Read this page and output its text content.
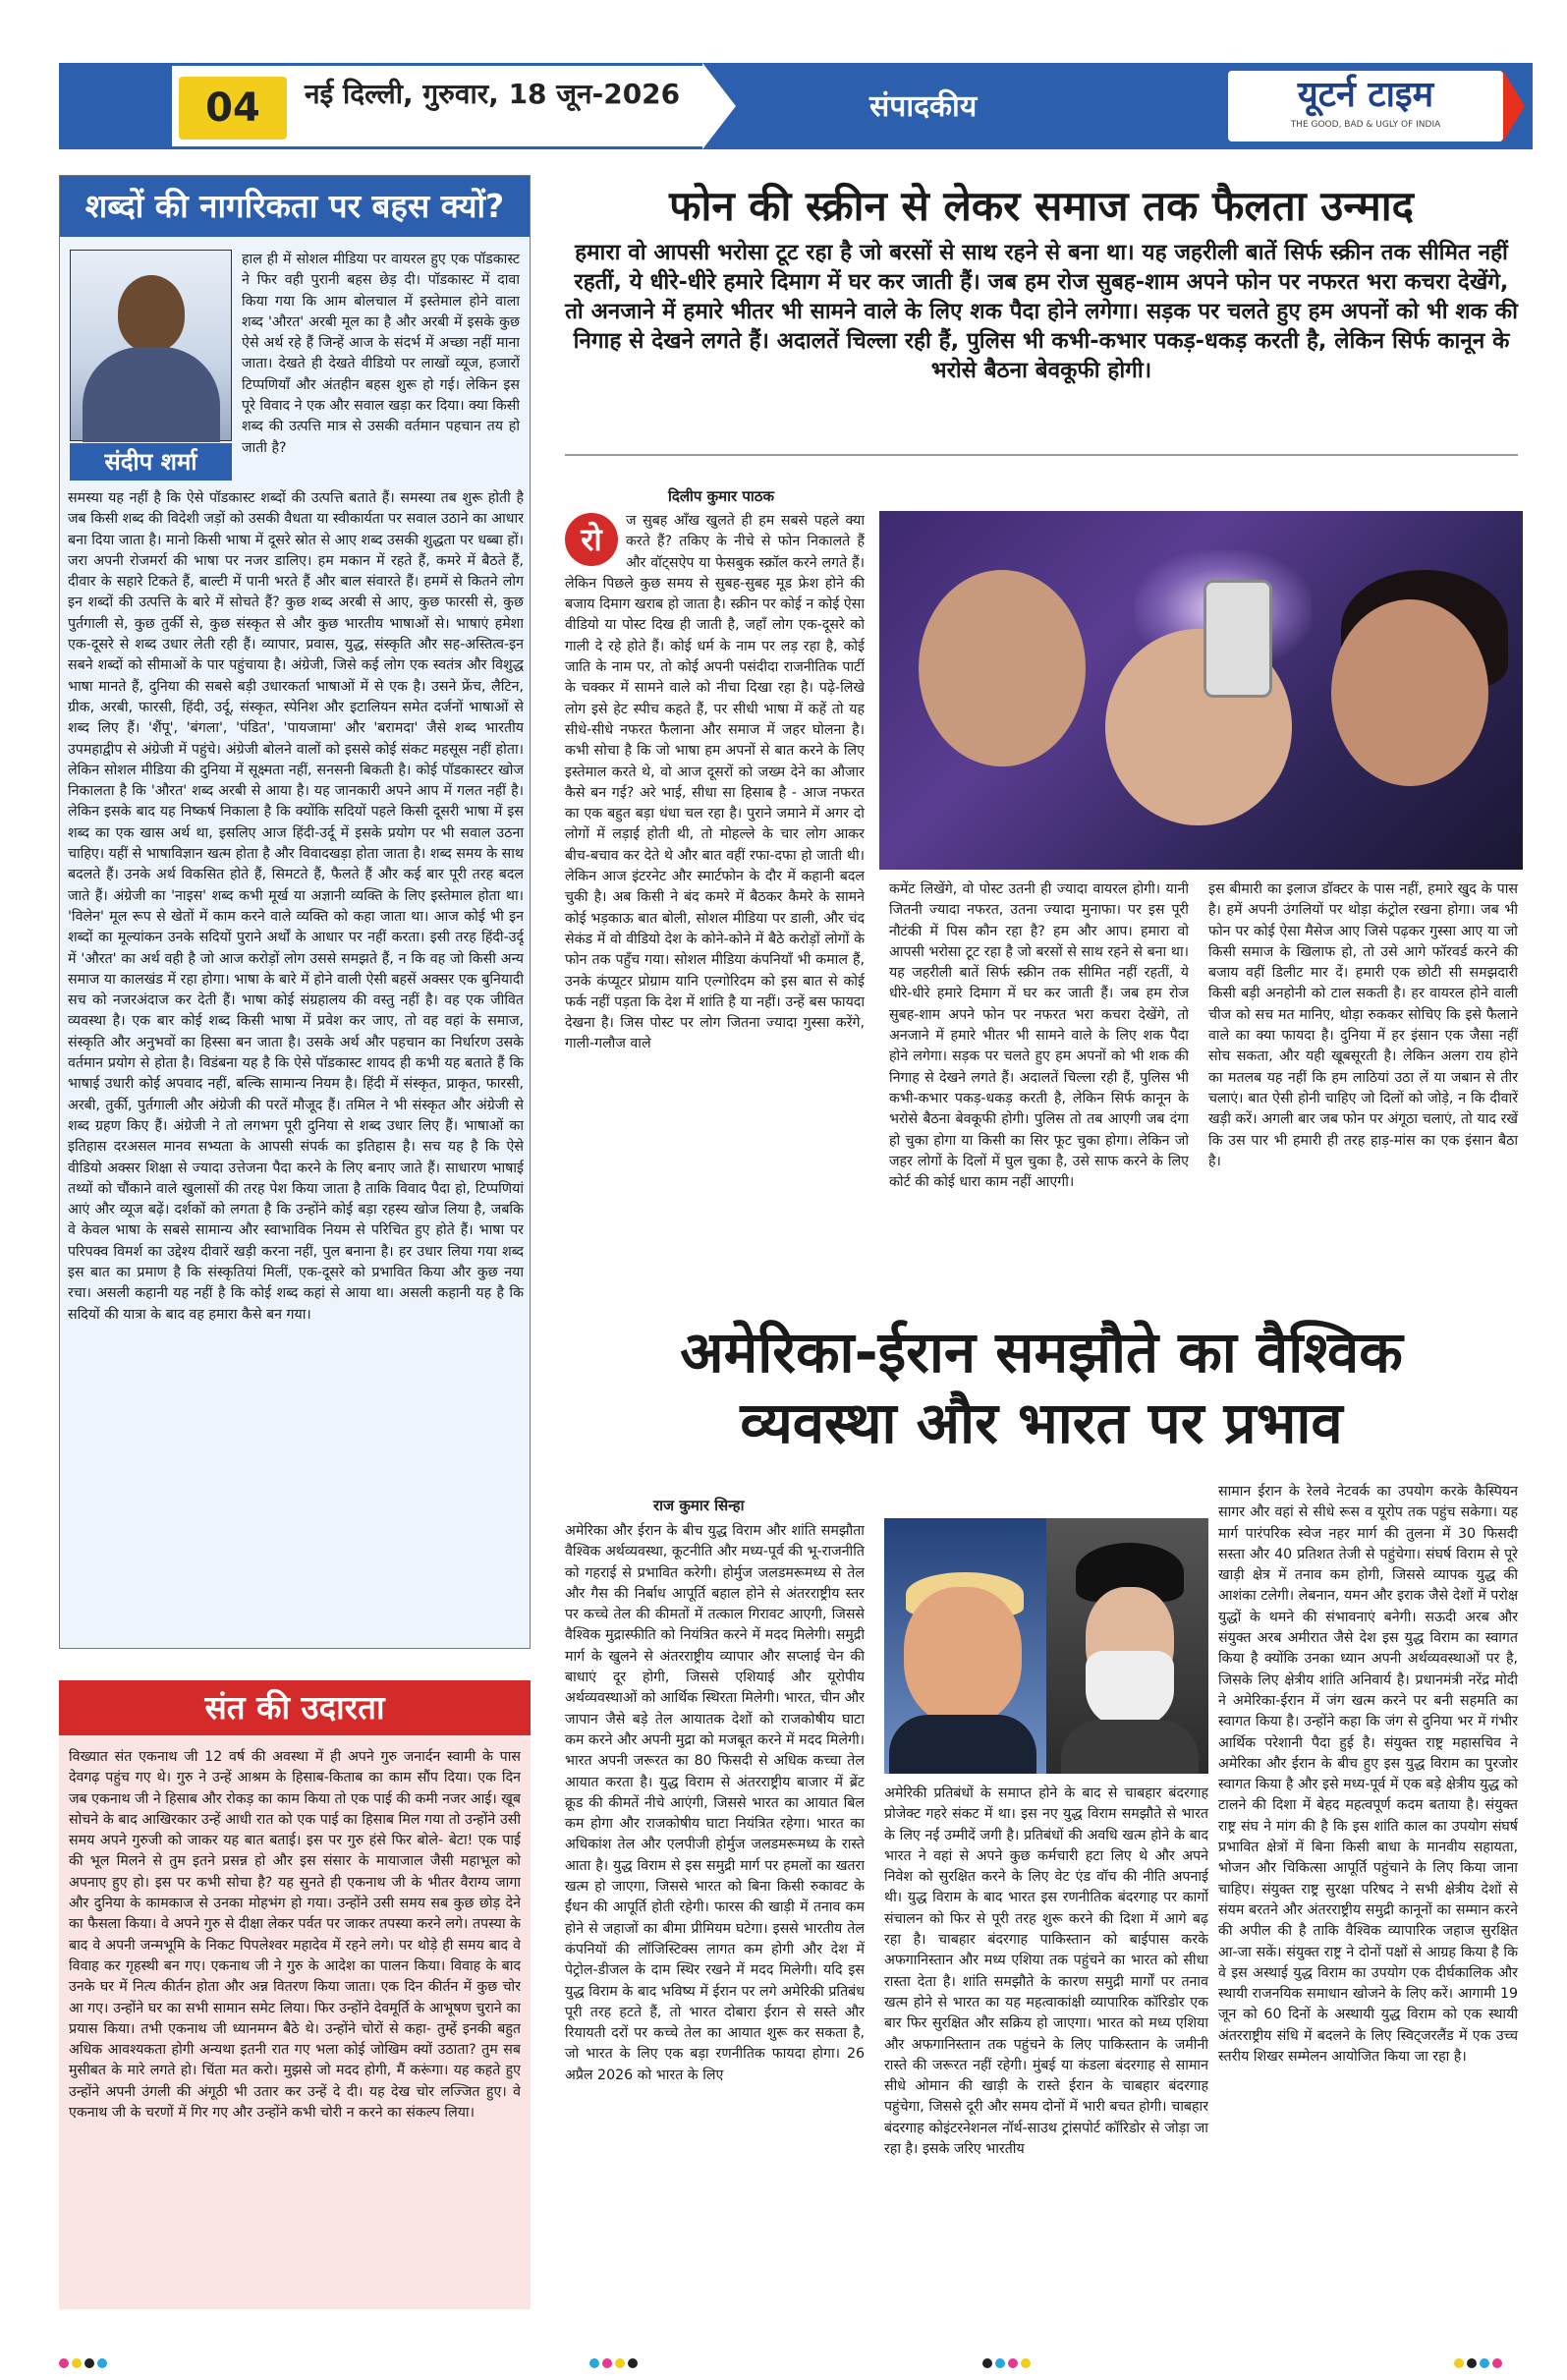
04	नई दिल्ली, गुरुवार, 18 जून-2026	संपादकीय	यूटर्न टाइम
THE GOOD, BAD & UGLY OF INDIA
शब्दों की नागरिकता पर बहस क्यों?
संदीप शर्मा
हाल ही में सोशल मीडिया पर वायरल हुए एक पॉडकास्ट ने फिर वही पुरानी बहस छेड़ दी। पॉडकास्ट में दावा किया गया कि आम बोलचाल में इस्तेमाल होने वाला शब्द 'औरत' अरबी मूल का है और अरबी में इसके कुछ ऐसे अर्थ रहे हैं जिन्हें आज के संदर्भ में अच्छा नहीं माना जाता। देखते ही देखते वीडियो पर लाखों व्यूज, हजारों टिप्पणियाँ और अंतहीन बहस शुरू हो गई। लेकिन इस पूरे विवाद ने एक और सवाल खड़ा कर दिया। क्या किसी शब्द की उत्पत्ति मात्र से उसकी वर्तमान पहचान तय हो जाती है?
समस्या यह नहीं है कि ऐसे पॉडकास्ट शब्दों की उत्पत्ति बताते हैं। समस्या तब शुरू होती है जब किसी शब्द की विदेशी जड़ों को उसकी वैधता या स्वीकार्यता पर सवाल उठाने का आधार बना दिया जाता है। मानो किसी भाषा में दूसरे स्रोत से आए शब्द उसकी शुद्धता पर धब्बा हों। जरा अपनी रोजमर्रा की भाषा पर नजर डालिए। हम मकान में रहते हैं, कमरे में बैठते हैं, दीवार के सहारे टिकते हैं, बाल्टी में पानी भरते हैं और बाल संवारते हैं। हममें से कितने लोग इन शब्दों की उत्पत्ति के बारे में सोचते हैं? कुछ शब्द अरबी से आए, कुछ फारसी से, कुछ पुर्तगाली से, कुछ तुर्की से, कुछ संस्कृत से और कुछ भारतीय भाषाओं से। भाषाएं हमेशा एक-दूसरे से शब्द उधार लेती रही हैं। व्यापार, प्रवास, युद्ध, संस्कृति और सह-अस्तित्व-इन सबने शब्दों को सीमाओं के पार पहुंचाया है। अंग्रेजी, जिसे कई लोग एक स्वतंत्र और विशुद्ध भाषा मानते हैं, दुनिया की सबसे बड़ी उधारकर्ता भाषाओं में से एक है। उसने फ्रेंच, लैटिन, ग्रीक, अरबी, फारसी, हिंदी, उर्दू, संस्कृत, स्पेनिश और इटालियन समेत दर्जनों भाषाओं से शब्द लिए हैं। 'शैंपू', 'बंगला', 'पंडित', 'पायजामा' और 'बरामदा' जैसे शब्द भारतीय उपमहाद्वीप से अंग्रेजी में पहुंचे। अंग्रेजी बोलने वालों को इससे कोई संकट महसूस नहीं होता। लेकिन सोशल मीडिया की दुनिया में सूक्ष्मता नहीं, सनसनी बिकती है। कोई पॉडकास्टर खोज निकालता है कि 'औरत' शब्द अरबी से आया है। यह जानकारी अपने आप में गलत नहीं है। लेकिन इसके बाद यह निष्कर्ष निकाला है कि क्योंकि सदियों पहले किसी दूसरी भाषा में इस शब्द का एक खास अर्थ था, इसलिए आज हिंदी-उर्दू में इसके प्रयोग पर भी सवाल उठना चाहिए। यहीं से भाषाविज्ञान खत्म होता है और विवादखड़ा होता जाता है। शब्द समय के साथ बदलते हैं। उनके अर्थ विकसित होते हैं, सिमटते हैं, फैलते हैं और कई बार पूरी तरह बदल जाते हैं। अंग्रेजी का 'नाइस' शब्द कभी मूर्ख या अज्ञानी व्यक्ति के लिए इस्तेमाल होता था। 'विलेन' मूल रूप से खेतों में काम करने वाले व्यक्ति को कहा जाता था। आज कोई भी इन शब्दों का मूल्यांकन उनके सदियों पुराने अर्थों के आधार पर नहीं करता। इसी तरह हिंदी-उर्दू में 'औरत' का अर्थ वही है जो आज करोड़ों लोग उससे समझते हैं, न कि वह जो किसी अन्य समाज या कालखंड में रहा होगा। भाषा के बारे में होने वाली ऐसी बहसें अक्सर एक बुनियादी सच को नजरअंदाज कर देती हैं। भाषा कोई संग्रहालय की वस्तु नहीं है। वह एक जीवित व्यवस्था है। एक बार कोई शब्द किसी भाषा में प्रवेश कर जाए, तो वह वहां के समाज, संस्कृति और अनुभवों का हिस्सा बन जाता है। उसके अर्थ और पहचान का निर्धारण उसके वर्तमान प्रयोग से होता है। विडंबना यह है कि ऐसे पॉडकास्ट शायद ही कभी यह बताते हैं कि भाषाई उधारी कोई अपवाद नहीं, बल्कि सामान्य नियम है। हिंदी में संस्कृत, प्राकृत, फारसी, अरबी, तुर्की, पुर्तगाली और अंग्रेजी की परतें मौजूद हैं। तमिल ने भी संस्कृत और अंग्रेजी से शब्द ग्रहण किए हैं। अंग्रेजी ने तो लगभग पूरी दुनिया से शब्द उधार लिए हैं। भाषाओं का इतिहास दरअसल मानव सभ्यता के आपसी संपर्क का इतिहास है। सच यह है कि ऐसे वीडियो अक्सर शिक्षा से ज्यादा उत्तेजना पैदा करने के लिए बनाए जाते हैं। साधारण भाषाई तथ्यों को चौंकाने वाले खुलासों की तरह पेश किया जाता है ताकि विवाद पैदा हो, टिप्पणियां आएं और व्यूज बढ़ें। दर्शकों को लगता है कि उन्होंने कोई बड़ा रहस्य खोज लिया है, जबकि वे केवल भाषा के सबसे सामान्य और स्वाभाविक नियम से परिचित हुए होते हैं। भाषा पर परिपक्व विमर्श का उद्देश्य दीवारें खड़ी करना नहीं, पुल बनाना है। हर उधार लिया गया शब्द इस बात का प्रमाण है कि संस्कृतियां मिलीं, एक-दूसरे को प्रभावित किया और कुछ नया रचा। असली कहानी यह नहीं है कि कोई शब्द कहां से आया था। असली कहानी यह है कि सदियों की यात्रा के बाद वह हमारा कैसे बन गया।
संत की उदारता
विख्यात संत एकनाथ जी 12 वर्ष की अवस्था में ही अपने गुरु जनार्दन स्वामी के पास देवगढ़ पहुंच गए थे। गुरु ने उन्हें आश्रम के हिसाब-किताब का काम सौंप दिया। एक दिन जब एकनाथ जी ने हिसाब और रोकड़ का काम किया तो एक पाई की कमी नजर आई। खूब सोचने के बाद आखिरकार उन्हें आधी रात को एक पाई का हिसाब मिल गया तो उन्होंने उसी समय अपने गुरुजी को जाकर यह बात बताई। इस पर गुरु हंसे फिर बोले- बेटा! एक पाई की भूल मिलने से तुम इतने प्रसन्न हो और इस संसार के मायाजाल जैसी महाभूल को अपनाए हुए हो। इस पर कभी सोचा है? यह सुनते ही एकनाथ जी के भीतर वैराग्य जागा और दुनिया के कामकाज से उनका मोहभंग हो गया। उन्होंने उसी समय सब कुछ छोड़ देने का फैसला किया। वे अपने गुरु से दीक्षा लेकर पर्वत पर जाकर तपस्या करने लगे। तपस्या के बाद वे अपनी जन्मभूमि के निकट पिपलेश्वर महादेव में रहने लगे। पर थोड़े ही समय बाद वे विवाह कर गृहस्थी बन गए। एकनाथ जी ने गुरु के आदेश का पालन किया। विवाह के बाद उनके घर में नित्य कीर्तन होता और अन्न वितरण किया जाता। एक दिन कीर्तन में कुछ चोर आ गए। उन्होंने घर का सभी सामान समेट लिया। फिर उन्होंने देवमूर्ति के आभूषण चुराने का प्रयास किया। तभी एकनाथ जी ध्यानमग्न बैठे थे। उन्होंने चोरों से कहा- तुम्हें इनकी बहुत अधिक आवश्यकता होगी अन्यथा इतनी रात गए भला कोई जोखिम क्यों उठाता? तुम सब मुसीबत के मारे लगते हो। चिंता मत करो। मुझसे जो मदद होगी, मैं करूंगा। यह कहते हुए उन्होंने अपनी उंगली की अंगूठी भी उतार कर उन्हें दे दी। यह देख चोर लज्जित हुए। वे एकनाथ जी के चरणों में गिर गए और उन्होंने कभी चोरी न करने का संकल्प लिया।
फोन की स्क्रीन से लेकर समाज तक फैलता उन्माद
हमारा वो आपसी भरोसा टूट रहा है जो बरसों से साथ रहने से बना था। यह जहरीली बातें सिर्फ स्क्रीन तक सीमित नहीं रहतीं, ये धीरे-धीरे हमारे दिमाग में घर कर जाती हैं। जब हम रोज सुबह-शाम अपने फोन पर नफरत भरा कचरा देखेंगे, तो अनजाने में हमारे भीतर भी सामने वाले के लिए शक पैदा होने लगेगा। सड़क पर चलते हुए हम अपनों को भी शक की निगाह से देखने लगते हैं। अदालतें चिल्ला रही हैं, पुलिस भी कभी-कभार पकड़-धकड़ करती है, लेकिन सिर्फ कानून के भरोसे बैठना बेवकूफी होगी।
दिलीप कुमार पाठक
रो	ज सुबह आँख खुलते ही हम सबसे पहले क्या करते हैं? तकिए के नीचे से फोन निकालते हैं और वॉट्सऐप या फेसबुक स्क्रॉल करने लगते हैं। लेकिन पिछले कुछ समय से सुबह-सुबह मूड फ्रेश होने की बजाय दिमाग खराब हो जाता है। स्क्रीन पर कोई न कोई ऐसा वीडियो या पोस्ट दिख ही जाती है, जहाँ लोग एक-दूसरे को गाली दे रहे होते हैं। कोई धर्म के नाम पर लड़ रहा है, कोई जाति के नाम पर, तो कोई अपनी पसंदीदा राजनीतिक पार्टी के चक्कर में सामने वाले को नीचा दिखा रहा है। पढ़े-लिखे लोग इसे हेट स्पीच कहते हैं, पर सीधी भाषा में कहें तो यह सीधे-सीधे नफरत फैलाना और समाज में जहर घोलना है। कभी सोचा है कि जो भाषा हम अपनों से बात करने के लिए इस्तेमाल करते थे, वो आज दूसरों को जख्म देने का औजार कैसे बन गई? अरे भाई, सीधा सा हिसाब है - आज नफरत का एक बहुत बड़ा धंधा चल रहा है। पुराने जमाने में अगर दो लोगों में लड़ाई होती थी, तो मोहल्ले के चार लोग आकर बीच-बचाव कर देते थे और बात वहीं रफा-दफा हो जाती थी। लेकिन आज इंटरनेट और स्मार्टफोन के दौर में कहानी बदल चुकी है। अब किसी ने बंद कमरे में बैठकर कैमरे के सामने कोई भड़काऊ बात बोली, सोशल मीडिया पर डाली, और चंद सेकंड में वो वीडियो देश के कोने-कोने में बैठे करोड़ों लोगों के फोन तक पहुँच गया। सोशल मीडिया कंपनियाँ भी कमाल हैं, उनके कंप्यूटर प्रोग्राम यानि एल्गोरिदम को इस बात से कोई फर्क नहीं पड़ता कि देश में शांति है या नहीं। उन्हें बस फायदा देखना है। जिस पोस्ट पर लोग जितना ज्यादा गुस्सा करेंगे, गाली-गलौज वाले
कमेंट लिखेंगे, वो पोस्ट उतनी ही ज्यादा वायरल होगी। यानी जितनी ज्यादा नफरत, उतना ज्यादा मुनाफा। पर इस पूरी नौटंकी में पिस कौन रहा है? हम और आप। हमारा वो आपसी भरोसा टूट रहा है जो बरसों से साथ रहने से बना था। यह जहरीली बातें सिर्फ स्क्रीन तक सीमित नहीं रहतीं, ये धीरे-धीरे हमारे दिमाग में घर कर जाती हैं। जब हम रोज सुबह-शाम अपने फोन पर नफरत भरा कचरा देखेंगे, तो अनजाने में हमारे भीतर भी सामने वाले के लिए शक पैदा होने लगेगा। सड़क पर चलते हुए हम अपनों को भी शक की निगाह से देखने लगते हैं। अदालतें चिल्ला रही हैं, पुलिस भी कभी-कभार पकड़-धकड़ करती है, लेकिन सिर्फ कानून के भरोसे बैठना बेवकूफी होगी। पुलिस तो तब आएगी जब दंगा हो चुका होगा या किसी का सिर फूट चुका होगा। लेकिन जो जहर लोगों के दिलों में घुल चुका है, उसे साफ करने के लिए कोर्ट की कोई धारा काम नहीं आएगी।
इस बीमारी का इलाज डॉक्टर के पास नहीं, हमारे खुद के पास है। हमें अपनी उंगलियों पर थोड़ा कंट्रोल रखना होगा। जब भी फोन पर कोई ऐसा मैसेज आए जिसे पढ़कर गुस्सा आए या जो किसी समाज के खिलाफ हो, तो उसे आगे फॉरवर्ड करने की बजाय वहीं डिलीट मार दें। हमारी एक छोटी सी समझदारी किसी बड़ी अनहोनी को टाल सकती है। हर वायरल होने वाली चीज को सच मत मानिए, थोड़ा रुककर सोचिए कि इसे फैलाने वाले का क्या फायदा है। दुनिया में हर इंसान एक जैसा नहीं सोच सकता, और यही खूबसूरती है। लेकिन अलग राय होने का मतलब यह नहीं कि हम लाठियां उठा लें या जबान से तीर चलाएं। बात ऐसी होनी चाहिए जो दिलों को जोड़े, न कि दीवारें खड़ी करें। अगली बार जब फोन पर अंगूठा चलाएं, तो याद रखें कि उस पार भी हमारी ही तरह हाड़-मांस का एक इंसान बैठा है।
अमेरिका-ईरान समझौते का वैश्विक
व्यवस्था और भारत पर प्रभाव
राज कुमार सिन्हा
अमेरिका और ईरान के बीच युद्ध विराम और शांति समझौता वैश्विक अर्थव्यवस्था, कूटनीति और मध्य-पूर्व की भू-राजनीति को गहराई से प्रभावित करेगी। होर्मुज जलडमरूमध्य से तेल और गैस की निर्बाध आपूर्ति बहाल होने से अंतरराष्ट्रीय स्तर पर कच्चे तेल की कीमतों में तत्काल गिरावट आएगी, जिससे वैश्विक मुद्रास्फीति को नियंत्रित करने में मदद मिलेगी। समुद्री मार्ग के खुलने से अंतरराष्ट्रीय व्यापार और सप्लाई चेन की बाधाएं दूर होगी, जिससे एशियाई और यूरोपीय अर्थव्यवस्थाओं को आर्थिक स्थिरता मिलेगी। भारत, चीन और जापान जैसे बड़े तेल आयातक देशों को राजकोषीय घाटा कम करने और अपनी मुद्रा को मजबूत करने में मदद मिलेगी। भारत अपनी जरूरत का 80 फिसदी से अधिक कच्चा तेल आयात करता है। युद्ध विराम से अंतरराष्ट्रीय बाजार में ब्रेंट क्रूड की कीमतें नीचे आएंगी, जिससे भारत का आयात बिल कम होगा और राजकोषीय घाटा नियंत्रित रहेगा। भारत का अधिकांश तेल और एलपीजी होर्मुज जलडमरूमध्य के रास्ते आता है। युद्ध विराम से इस समुद्री मार्ग पर हमलों का खतरा खत्म हो जाएगा, जिससे भारत को बिना किसी रुकावट के ईंधन की आपूर्ति होती रहेगी। फारस की खाड़ी में तनाव कम होने से जहाजों का बीमा प्रीमियम घटेगा। इससे भारतीय तेल कंपनियों की लॉजिस्टिक्स लागत कम होगी और देश में पेट्रोल-डीजल के दाम स्थिर रखने में मदद मिलेगी। यदि इस युद्ध विराम के बाद भविष्य में ईरान पर लगे अमेरिकी प्रतिबंध पूरी तरह हटते हैं, तो भारत दोबारा ईरान से सस्ते और रियायती दरों पर कच्चे तेल का आयात शुरू कर सकता है, जो भारत के लिए एक बड़ा रणनीतिक फायदा होगा। 26 अप्रैल 2026 को भारत के लिए
अमेरिकी प्रतिबंधों के समाप्त होने के बाद से चाबहार बंदरगाह प्रोजेक्ट गहरे संकट में था। इस नए युद्ध विराम समझौते से भारत के लिए नई उम्मीदें जगी है। प्रतिबंधों की अवधि खत्म होने के बाद भारत ने वहां से अपने कुछ कर्मचारी हटा लिए थे और अपने निवेश को सुरक्षित करने के लिए वेट एंड वॉच की नीति अपनाई थी। युद्ध विराम के बाद भारत इस रणनीतिक बंदरगाह पर कार्गो संचालन को फिर से पूरी तरह शुरू करने की दिशा में आगे बढ़ रहा है। चाबहार बंदरगाह पाकिस्तान को बाईपास करके अफगानिस्तान और मध्य एशिया तक पहुंचने का भारत को सीधा रास्ता देता है। शांति समझौते के कारण समुद्री मार्गों पर तनाव खत्म होने से भारत का यह महत्वाकांक्षी व्यापारिक कॉरिडोर एक बार फिर सुरक्षित और सक्रिय हो जाएगा। भारत को मध्य एशिया और अफगानिस्तान तक पहुंचने के लिए पाकिस्तान के जमीनी रास्ते की जरूरत नहीं रहेगी। मुंबई या कंडला बंदरगाह से सामान सीधे ओमान की खाड़ी के रास्ते ईरान के चाबहार बंदरगाह पहुंचेगा, जिससे दूरी और समय दोनों में भारी बचत होगी। चाबहार बंदरगाह कोइंटरनेशनल नॉर्थ-साउथ ट्रांसपोर्ट कॉरिडोर से जोड़ा जा रहा है। इसके जरिए भारतीय
सामान ईरान के रेलवे नेटवर्क का उपयोग करके कैस्पियन सागर और वहां से सीधे रूस व यूरोप तक पहुंच सकेगा। यह मार्ग पारंपरिक स्वेज नहर मार्ग की तुलना में 30 फिसदी सस्ता और 40 प्रतिशत तेजी से पहुंचेगा। संघर्ष विराम से पूरे खाड़ी क्षेत्र में तनाव कम होगी, जिससे व्यापक युद्ध की आशंका टलेगी। लेबनान, यमन और इराक जैसे देशों में परोक्ष युद्धों के थमने की संभावनाएं बनेगी। सऊदी अरब और संयुक्त अरब अमीरात जैसे देश इस युद्ध विराम का स्वागत किया है क्योंकि उनका ध्यान अपनी अर्थव्यवस्थाओं पर है, जिसके लिए क्षेत्रीय शांति अनिवार्य है। प्रधानमंत्री नरेंद्र मोदी ने अमेरिका-ईरान में जंग खत्म करने पर बनी सहमति का स्वागत किया है। उन्होंने कहा कि जंग से दुनिया भर में गंभीर आर्थिक परेशानी पैदा हुई है। संयुक्त राष्ट्र महासचिव ने अमेरिका और ईरान के बीच हुए इस युद्ध विराम का पुरजोर स्वागत किया है और इसे मध्य-पूर्व में एक बड़े क्षेत्रीय युद्ध को टालने की दिशा में बेहद महत्वपूर्ण कदम बताया है। संयुक्त राष्ट्र संघ ने मांग की है कि इस शांति काल का उपयोग संघर्ष प्रभावित क्षेत्रों में बिना किसी बाधा के मानवीय सहायता, भोजन और चिकित्सा आपूर्ति पहुंचाने के लिए किया जाना चाहिए। संयुक्त राष्ट्र सुरक्षा परिषद ने सभी क्षेत्रीय देशों से संयम बरतने और अंतरराष्ट्रीय समुद्री कानूनों का सम्मान करने की अपील की है ताकि वैश्विक व्यापारिक जहाज सुरक्षित आ-जा सकें। संयुक्त राष्ट्र ने दोनों पक्षों से आग्रह किया है कि वे इस अस्थाई युद्ध विराम का उपयोग एक दीर्घकालिक और स्थायी राजनयिक समाधान खोजने के लिए करें। आगामी 19 जून को 60 दिनों के अस्थायी युद्ध विराम को एक स्थायी अंतरराष्ट्रीय संधि में बदलने के लिए स्विट्जरलैंड में एक उच्च स्तरीय शिखर सम्मेलन आयोजित किया जा रहा है।
